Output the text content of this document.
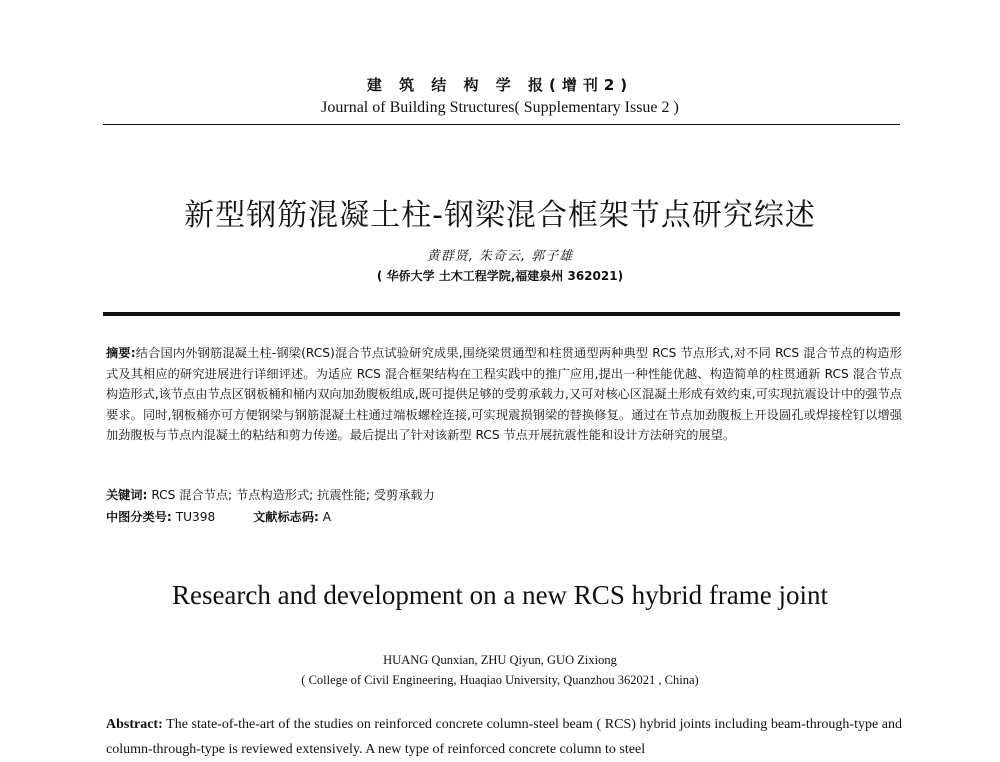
建 筑 结 构 学 报(增刊2)
Journal of Building Structures( Supplementary Issue 2 )
新型钢筋混凝土柱-钢梁混合框架节点研究综述
黄群贤, 朱奇云, 郭子雄
( 华侨大学 土木工程学院,福建泉州 362021)
摘要:结合国内外钢筋混凝土柱-钢梁(RCS)混合节点试验研究成果,围绕梁贯通型和柱贯通型两种典型 RCS 节点形式,对不同 RCS 混合节点的构造形式及其相应的研究进展进行详细评述。为适应 RCS 混合框架结构在工程实践中的推广应用,提出一种性能优越、构造简单的柱贯通新 RCS 混合节点构造形式,该节点由节点区钢板桶和桶内双向加劲腹板组成,既可提供足够的受剪承载力,又可对核心区混凝土形成有效约束,可实现抗震设计中的强节点要求。同时,钢板桶亦可方便钢梁与钢筋混凝土柱通过端板螺栓连接,可实现震损钢梁的替换修复。通过在节点加劲腹板上开设圆孔或焊接栓钉以增强加劲腹板与节点内混凝土的粘结和剪力传递。最后提出了针对该新型 RCS 节点开展抗震性能和设计方法研究的展望。
关键词: RCS 混合节点; 节点构造形式; 抗震性能; 受剪承载力
中图分类号: TU398	文献标志码: A
Research and development on a new RCS hybrid frame joint
HUANG Qunxian, ZHU Qiyun, GUO Zixiong
( College of Civil Engineering, Huaqiao University, Quanzhou 362021 , China)
Abstract: The state-of-the-art of the studies on reinforced concrete column-steel beam ( RCS) hybrid joints including beam-through-type and column-through-type is reviewed extensively. A new type of reinforced concrete column to steel
